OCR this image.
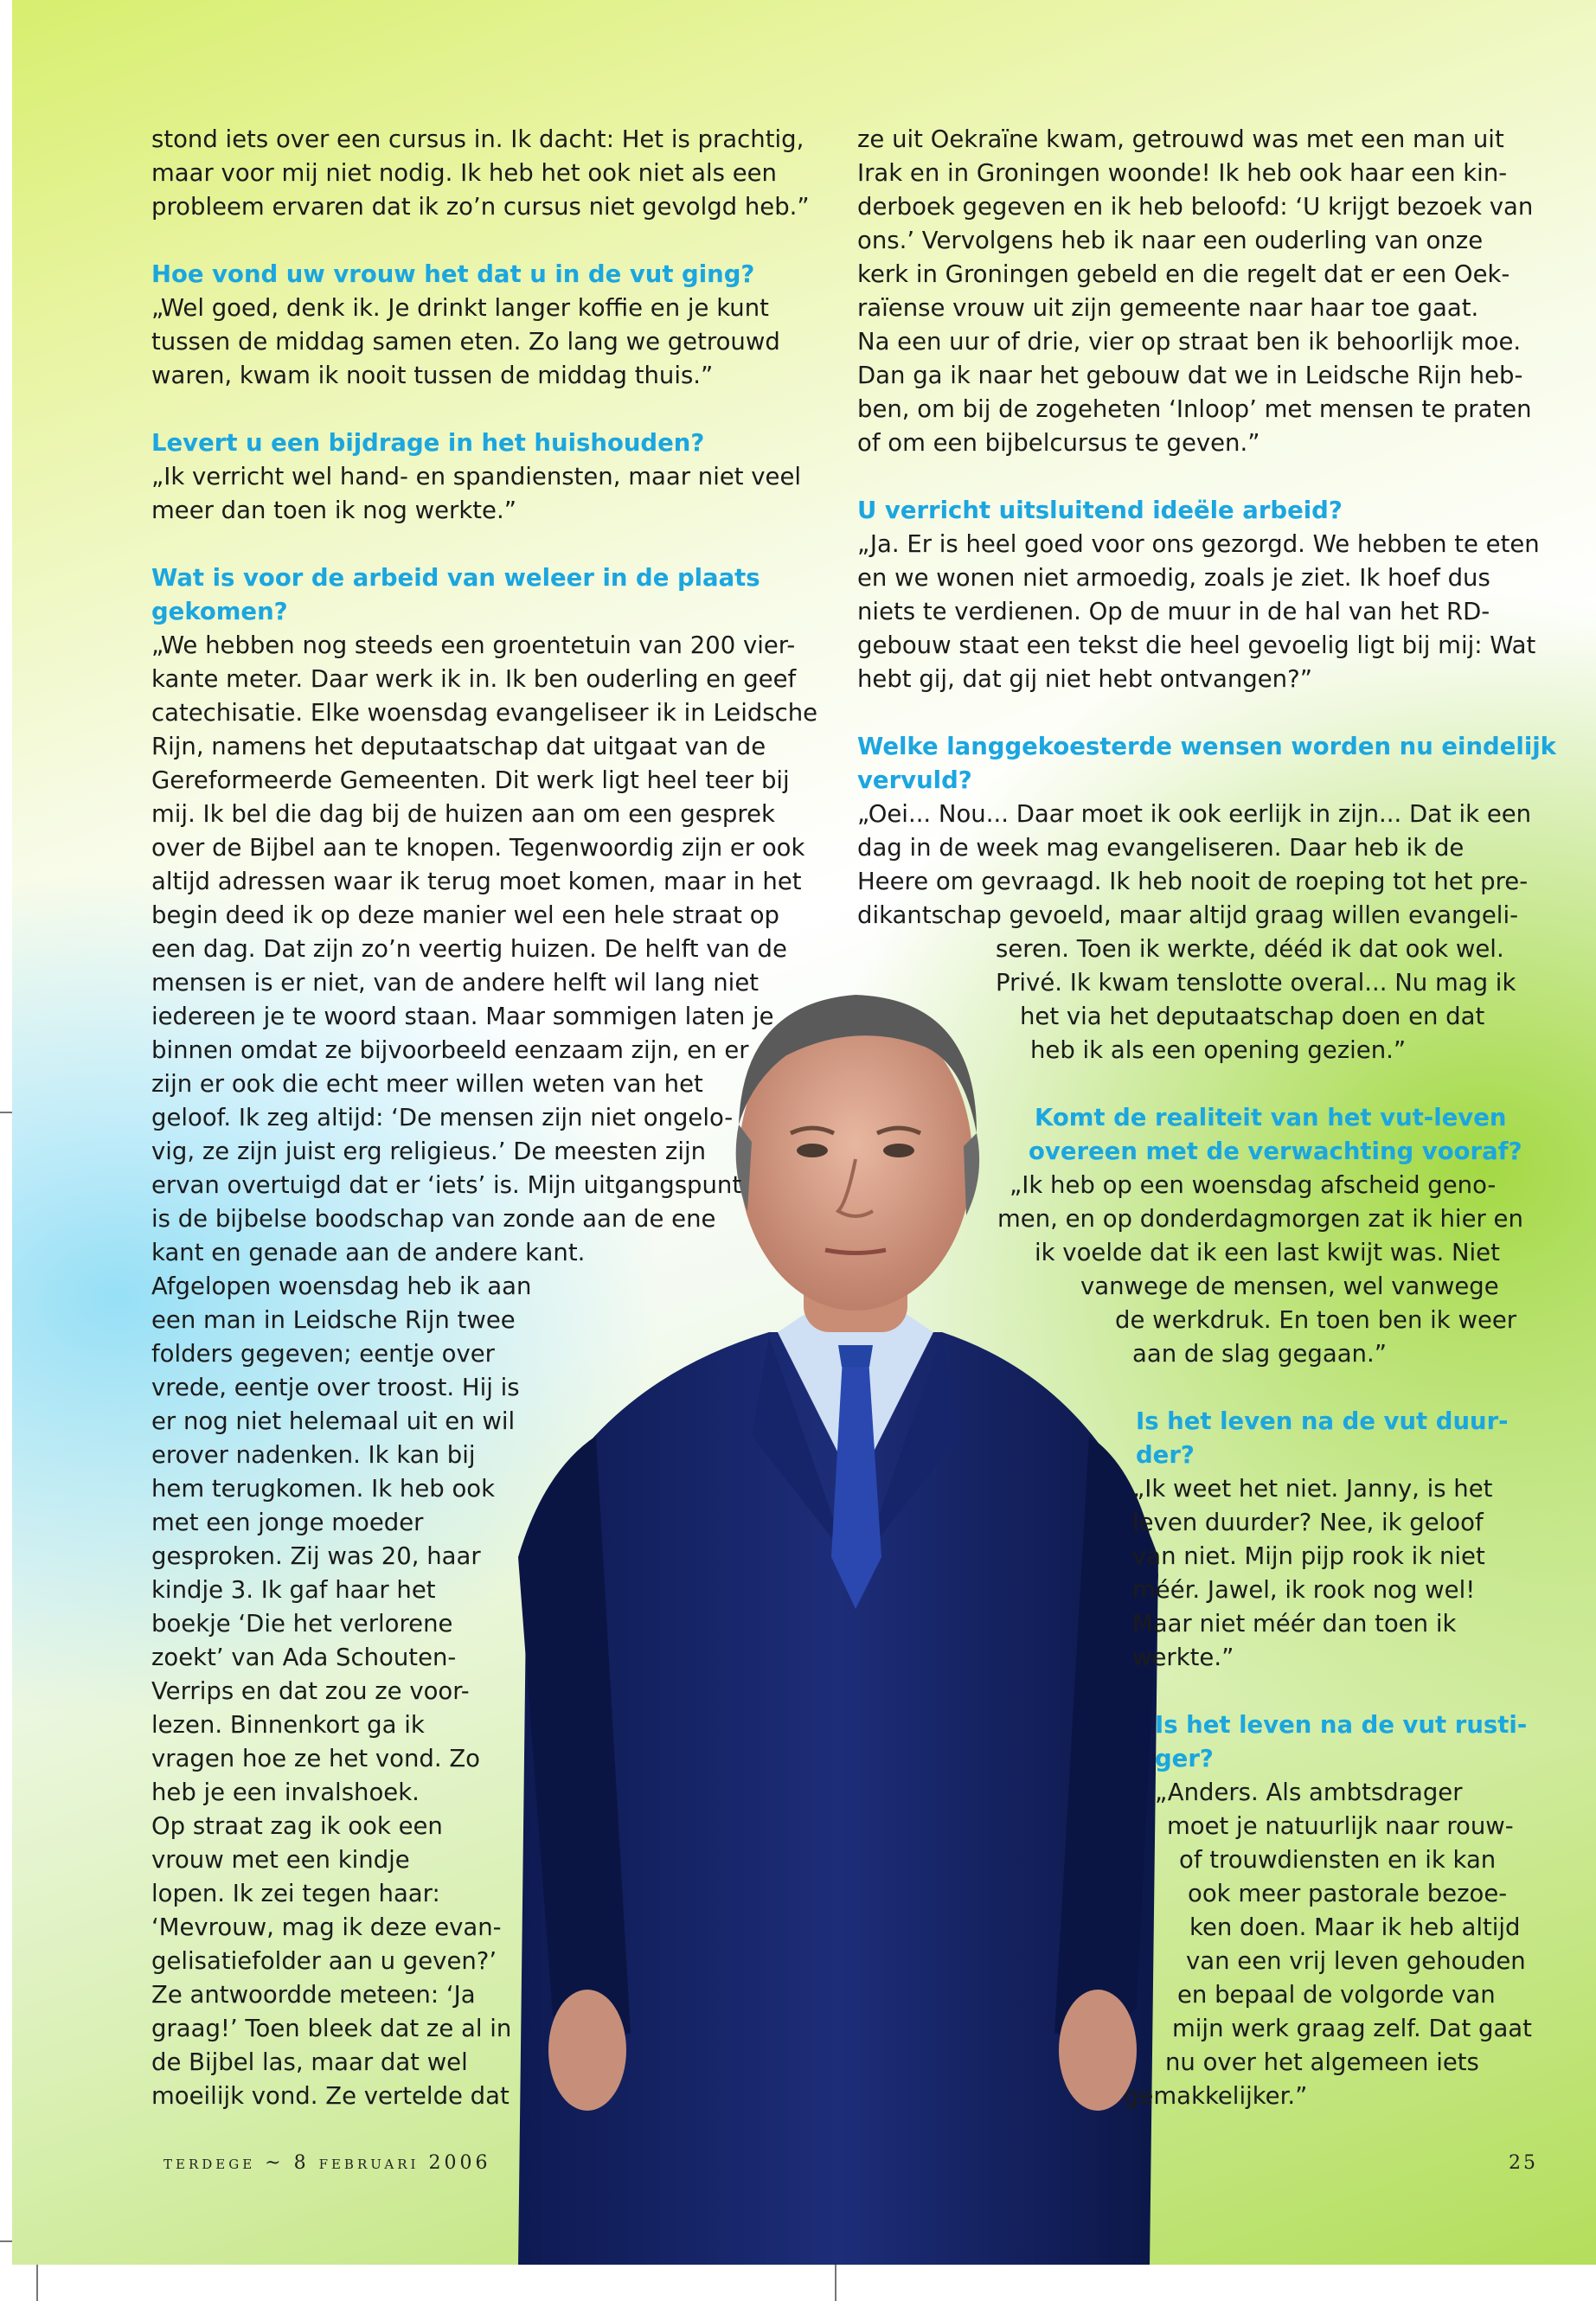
stond iets over een cursus in. Ik dacht: Het is prachtig,

maar voor mij niet nodig. Ik heb het ook niet als een

probleem ervaren dat ik zo’n cursus niet gevolgd heb.”

Hoe vond uw vrouw het dat u in de vut ging?

„Wel goed, denk ik. Je drinkt langer koffie en je kunt

tussen de middag samen eten. Zo lang we getrouwd

waren, kwam ik nooit tussen de middag thuis.”

Levert u een bijdrage in het huishouden?

„Ik verricht wel hand- en spandiensten, maar niet veel

meer dan toen ik nog werkte.”

Wat is voor de arbeid van weleer in de plaats
gekomen?

„We hebben nog steeds een groentetuin van 200 vier-

kante meter. Daar werk ik in. Ik ben ouderling en geef

catechisatie. Elke woensdag evangeliseer ik in Leidsche

Rijn, namens het deputaatschap dat uitgaat van de

Gereformeerde Gemeenten. Dit werk ligt heel teer bij

mij. Ik bel die dag bij de huizen aan om een gesprek

over de Bijbel aan te knopen. Tegenwoordig zijn er ook

altijd adressen waar ik terug moet komen, maar in het

begin deed ik op deze manier wel een hele straat op

een dag. Dat zijn zo’n veertig huizen. De helft van de

mensen is er niet, van de andere helft wil lang niet

iedereen je te woord staan. Maar sommigen laten je

binnen omdat ze bijvoorbeeld eenzaam zijn, en er

zijn er ook die echt meer willen weten van het

geloof. Ik zeg altijd: ‘De mensen zijn niet ongelo-

vig, ze zijn juist erg religieus.’ De meesten zijn

ervan overtuigd dat er ‘iets’ is. Mijn uitgangspunt

is de bijbelse boodschap van zonde aan de ene

kant en genade aan de andere kant.

Afgelopen woensdag heb ik aan

een man in Leidsche Rijn twee

folders gegeven; eentje over

vrede, eentje over troost. Hij is

er nog niet helemaal uit en wil

erover nadenken. Ik kan bij

hem terugkomen. Ik heb ook

met een jonge moeder

gesproken. Zij was 20, haar

kindje 3. Ik gaf haar het

boekje ‘Die het verlorene

zoekt’ van Ada Schouten-

Verrips en dat zou ze voor-

lezen. Binnenkort ga ik

vragen hoe ze het vond. Zo

heb je een invalshoek.

Op straat zag ik ook een

vrouw met een kindje

lopen. Ik zei tegen haar:

‘Mevrouw, mag ik deze evan-

gelisatiefolder aan u geven?’

Ze antwoordde meteen: ‘Ja

graag!’ Toen bleek dat ze al in

de Bijbel las, maar dat wel

moeilijk vond. Ze vertelde dat

ze uit Oekraïne kwam, getrouwd was met een man uit

Irak en in Groningen woonde! Ik heb ook haar een kin-

derboek gegeven en ik heb beloofd: ‘U krijgt bezoek van

ons.’ Vervolgens heb ik naar een ouderling van onze

kerk in Groningen gebeld en die regelt dat er een Oek-

raïense vrouw uit zijn gemeente naar haar toe gaat.

Na een uur of drie, vier op straat ben ik behoorlijk moe.

Dan ga ik naar het gebouw dat we in Leidsche Rijn heb-

ben, om bij de zogeheten ‘Inloop’ met mensen te praten

of om een bijbelcursus te geven.”

U verricht uitsluitend ideële arbeid?

„Ja. Er is heel goed voor ons gezorgd. We hebben te eten

en we wonen niet armoedig, zoals je ziet. Ik hoef dus

niets te verdienen. Op de muur in de hal van het RD-

gebouw staat een tekst die heel gevoelig ligt bij mij: Wat

hebt gij, dat gij niet hebt ontvangen?”

Welke langgekoesterde wensen worden nu eindelijk
vervuld?

„Oei... Nou... Daar moet ik ook eerlijk in zijn... Dat ik een

dag in de week mag evangeliseren. Daar heb ik de

Heere om gevraagd. Ik heb nooit de roeping tot het pre-

dikantschap gevoeld, maar altijd graag willen evangeli-

seren. Toen ik werkte, dééd ik dat ook wel.

Privé. Ik kwam tenslotte overal... Nu mag ik

het via het deputaatschap doen en dat

heb ik als een opening gezien.”

Komt de realiteit van het vut-leven
overeen met de verwachting vooraf?

„Ik heb op een woensdag afscheid geno-

men, en op donderdagmorgen zat ik hier en

ik voelde dat ik een last kwijt was. Niet

vanwege de mensen, wel vanwege

de werkdruk. En toen ben ik weer

aan de slag gegaan.”

Is het leven na de vut duur-
der?

„Ik weet het niet. Janny, is het

leven duurder? Nee, ik geloof

van niet. Mijn pijp rook ik niet

méér. Jawel, ik rook nog wel!

Maar niet méér dan toen ik

werkte.”

Is het leven na de vut rusti-
ger?

„Anders. Als ambtsdrager

moet je natuurlijk naar rouw-

of trouwdiensten en ik kan

ook meer pastorale bezoe-

ken doen. Maar ik heb altijd

van een vrij leven gehouden

en bepaal de volgorde van

mijn werk graag zelf. Dat gaat

nu over het algemeen iets

gemakkelijker.”

terdege ~ 8 februari 2006	25
